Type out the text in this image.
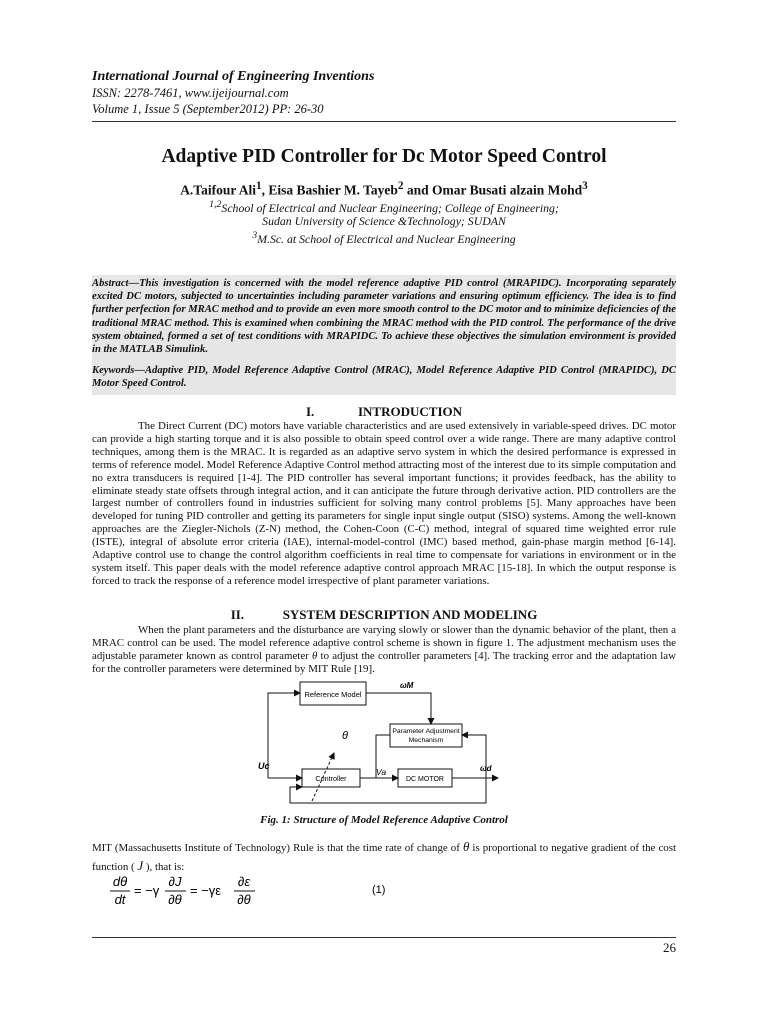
International Journal of Engineering Inventions
ISSN: 2278-7461, www.ijeijournal.com
Volume 1, Issue 5 (September2012) PP: 26-30
Adaptive PID Controller for Dc Motor Speed Control
A.Taifour Ali$^1$, Eisa Bashier M. Tayeb$^2$ and Omar Busati alzain Mohd$^3$
$^{1,2}$School of Electrical and Nuclear Engineering; College of Engineering;
Sudan University of Science &Technology; SUDAN
$^3$M.Sc. at School of Electrical and Nuclear Engineering

Abstract—This investigation is concerned with the model reference adaptive PID control (MRAPIDC). Incorporating separately excited DC motors, subjected to uncertainties including parameter variations and ensuring optimum efficiency. The idea is to find further perfection for MRAC method and to provide an even more smooth control to the DC motor and to minimize deficiencies of the traditional MRAC method. This is examined when combining the MRAC method with the PID control. The performance of the drive system obtained, formed a set of test conditions with MRAPIDC. To achieve these objectives the simulation environment is provided in the MATLAB Simulink.

Keywords—Adaptive PID, Model Reference Adaptive Control (MRAC), Model Reference Adaptive PID Control (MRAPIDC), DC Motor Speed Control.

I.	INTRODUCTION

The Direct Current (DC) motors have variable characteristics and are used extensively in variable-speed drives. DC motor can provide a high starting torque and it is also possible to obtain speed control over a wide range. There are many adaptive control techniques, among them is the MRAC. It is regarded as an adaptive servo system in which the desired performance is expressed in terms of reference model. Model Reference Adaptive Control method attracting most of the interest due to its simple computation and no extra transducers is required [1-4]. The PID controller has several important functions; it provides feedback, has the ability to eliminate steady state offsets through integral action, and it can anticipate the future through derivative action. PID controllers are the largest number of controllers found in industries sufficient for solving many control problems [5]. Many approaches have been developed for tuning PID controller and getting its parameters for single input single output (SISO) systems. Among the well-known approaches are the Ziegler-Nichols (Z-N) method, the Cohen-Coon (C-C) method, integral of squared time weighted error rule (ISTE), integral of absolute error criteria (IAE), internal-model-control (IMC) based method, gain-phase margin method [6-14]. Adaptive control use to change the control algorithm coefficients in real time to compensate for variations in environment or in the system itself. This paper deals with the model reference adaptive control approach MRAC [15-18]. In which the output response is forced to track the response of a reference model irrespective of plant parameter variations.

II.	SYSTEM DESCRIPTION AND MODELING

When the plant parameters and the disturbance are varying slowly or slower than the dynamic behavior of the plant, then a MRAC control can be used. The model reference adaptive control scheme is shown in figure 1. The adjustment mechanism uses the adjustable parameter known as control parameter θ to adjust the controller parameters [4]. The tracking error and the adaptation law for the controller parameters were determined by MIT Rule [19].

Reference Model
Parameter Adjustment
Mechanism
Controller	DC MOTOR
ωM
ωd
Uc
Va
θ
Fig. 1: Structure of Model Reference Adaptive Control
MIT (Massachusetts Institute of Technology) Rule is that the time rate of change of θ is proportional to negative gradient of the cost function ( J ), that is:
dθ
dt
= −γ
∂J
∂θ
= −γε
∂ε
∂θ
(1)
26
